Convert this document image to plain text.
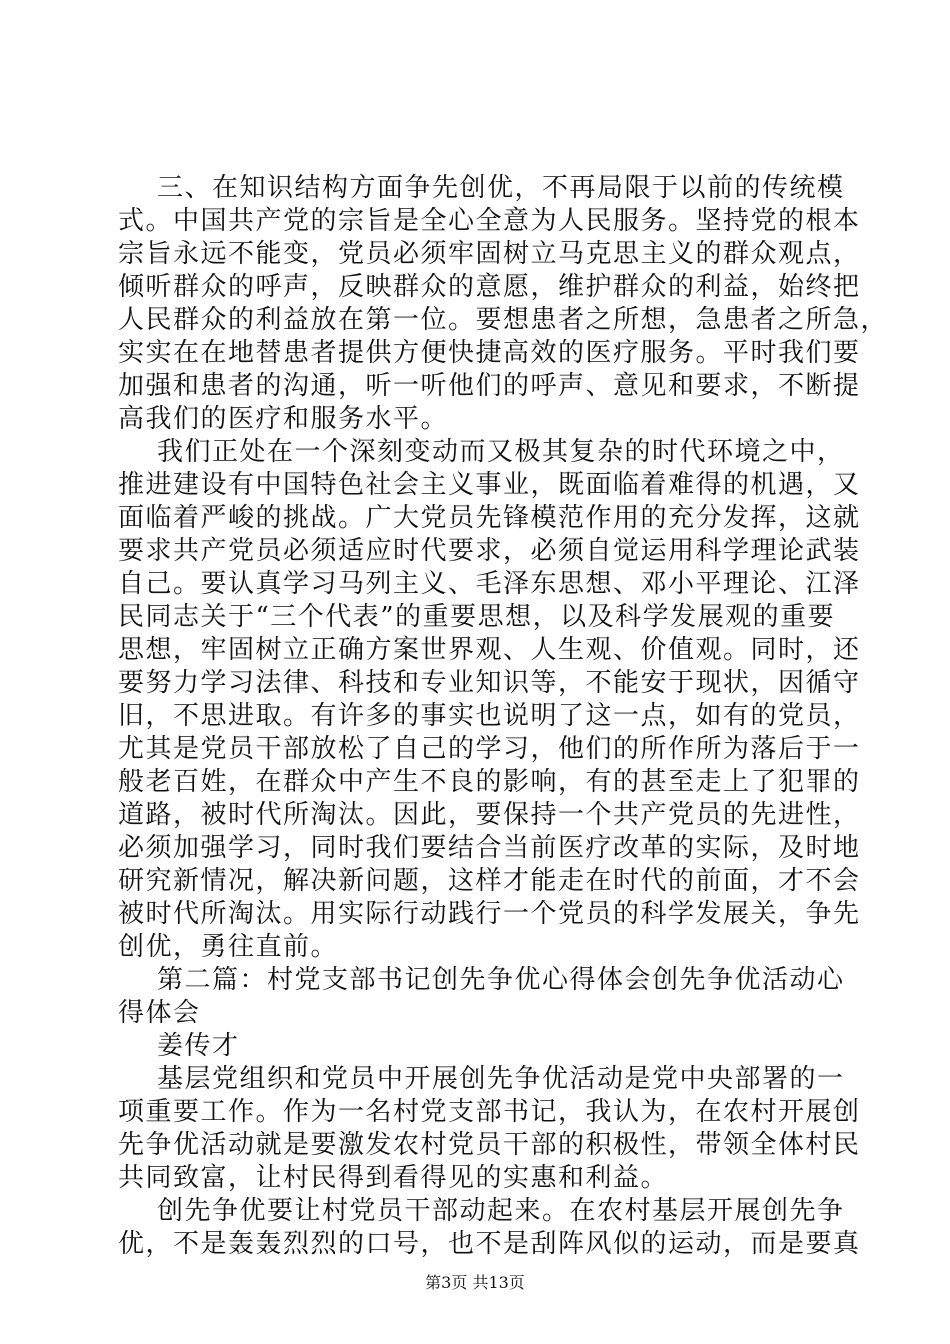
三、在知识结构方面争先创优，不再局限于以前的传统模
式。中国共产党的宗旨是全心全意为人民服务。坚持党的根本
宗旨永远不能变，党员必须牢固树立马克思主义的群众观点，
倾听群众的呼声，反映群众的意愿，维护群众的利益，始终把
人民群众的利益放在第一位。要想患者之所想，急患者之所急，
实实在在地替患者提供方便快捷高效的医疗服务。平时我们要
加强和患者的沟通，听一听他们的呼声、意见和要求，不断提
高我们的医疗和服务水平。
我们正处在一个深刻变动而又极其复杂的时代环境之中，
推进建设有中国特色社会主义事业，既面临着难得的机遇，又
面临着严峻的挑战。广大党员先锋模范作用的充分发挥，这就
要求共产党员必须适应时代要求，必须自觉运用科学理论武装
自己。要认真学习马列主义、毛泽东思想、邓小平理论、江泽
民同志关于“三个代表”的重要思想，以及科学发展观的重要
思想，牢固树立正确方案世界观、人生观、价值观。同时，还
要努力学习法律、科技和专业知识等，不能安于现状，因循守
旧，不思进取。有许多的事实也说明了这一点，如有的党员，
尤其是党员干部放松了自己的学习，他们的所作所为落后于一
般老百姓，在群众中产生不良的影响，有的甚至走上了犯罪的
道路，被时代所淘汰。因此，要保持一个共产党员的先进性，
必须加强学习，同时我们要结合当前医疗改革的实际，及时地
研究新情况，解决新问题，这样才能走在时代的前面，才不会
被时代所淘汰。用实际行动践行一个党员的科学发展关，争先
创优，勇往直前。
第二篇：村党支部书记创先争优心得体会创先争优活动心
得体会
姜传才
基层党组织和党员中开展创先争优活动是党中央部署的一
项重要工作。作为一名村党支部书记，我认为，在农村开展创
先争优活动就是要激发农村党员干部的积极性，带领全体村民
共同致富，让村民得到看得见的实惠和利益。
创先争优要让村党员干部动起来。在农村基层开展创先争
优，不是轰轰烈烈的口号，也不是刮阵风似的运动，而是要真
第3页 共13页
